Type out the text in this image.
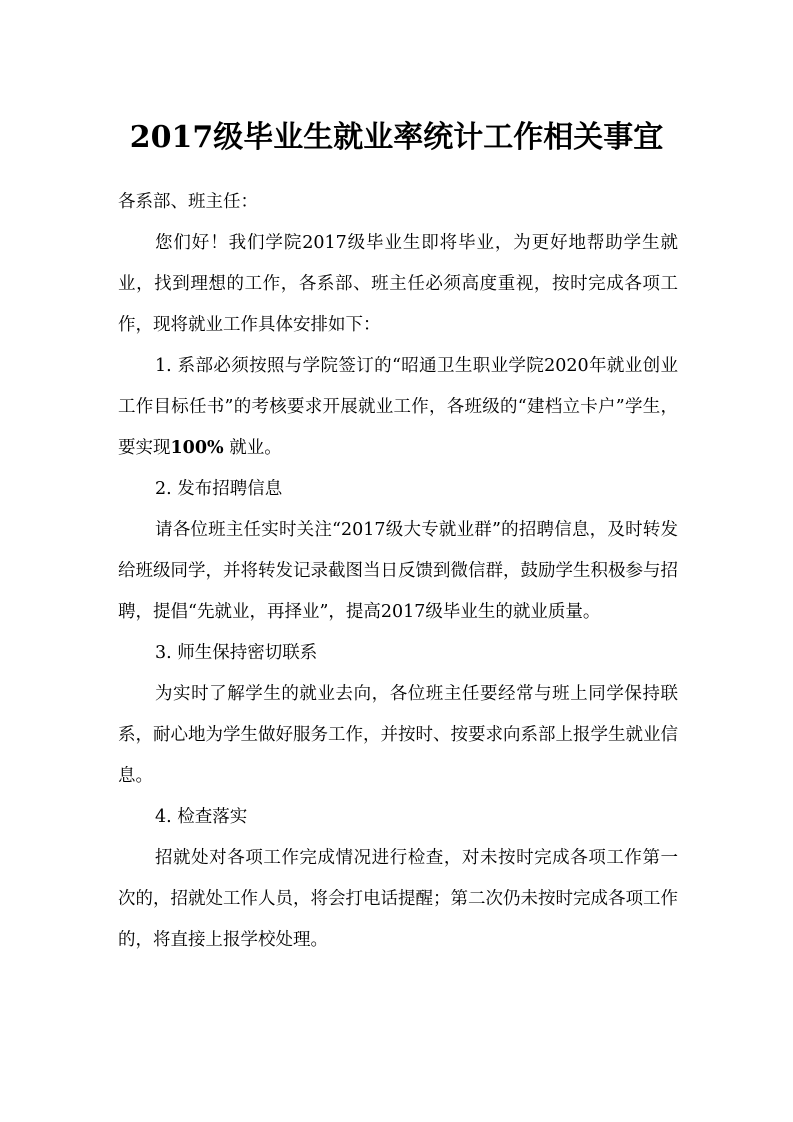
2017级毕业生就业率统计工作相关事宜

各系部、班主任：

您们好！我们学院2017级毕业生即将毕业，为更好地帮助学生就业，找到理想的工作，各系部、班主任必须高度重视，按时完成各项工作，现将就业工作具体安排如下：

1. 系部必须按照与学院签订的“昭通卫生职业学院2020年就业创业工作目标任书”的考核要求开展就业工作，各班级的“建档立卡户”学生，要实现100% 就业。

2. 发布招聘信息

请各位班主任实时关注“2017级大专就业群”的招聘信息，及时转发给班级同学，并将转发记录截图当日反馈到微信群，鼓励学生积极参与招聘，提倡“先就业，再择业”，提高2017级毕业生的就业质量。

3. 师生保持密切联系

为实时了解学生的就业去向，各位班主任要经常与班上同学保持联系，耐心地为学生做好服务工作，并按时、按要求向系部上报学生就业信息。

4. 检查落实

招就处对各项工作完成情况进行检查，对未按时完成各项工作第一次的，招就处工作人员，将会打电话提醒；第二次仍未按时完成各项工作的，将直接上报学校处理。
